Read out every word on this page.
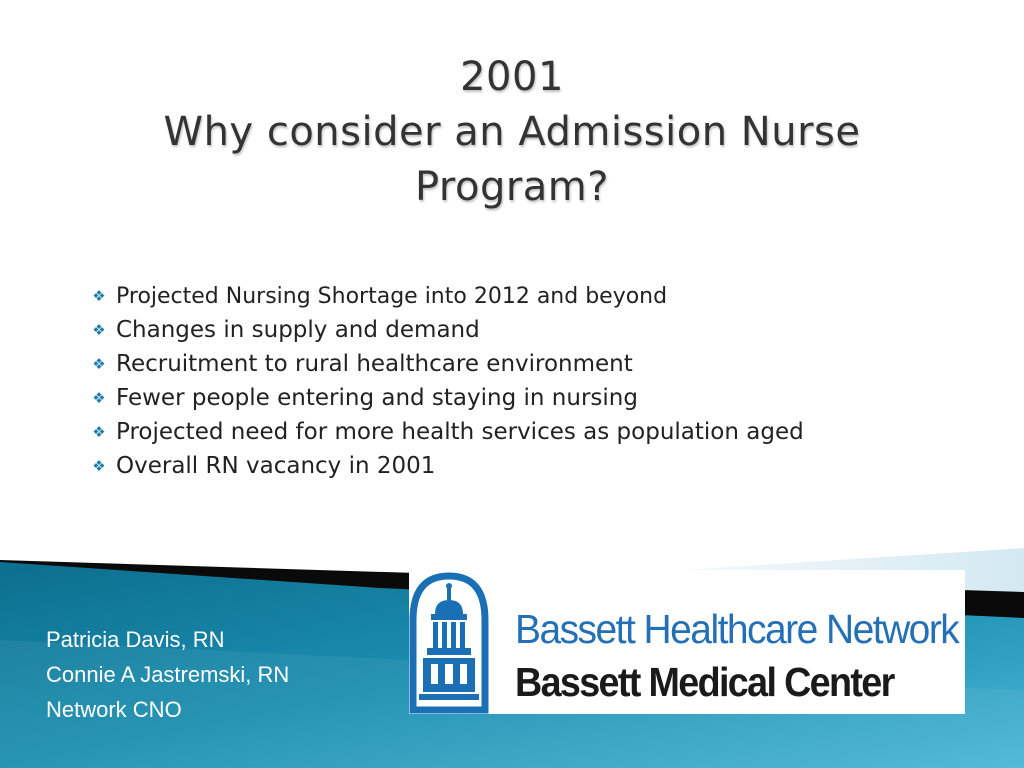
2001
Why consider an Admission Nurse
Program?
❖ Projected Nursing Shortage into 2012 and beyond
❖ Changes in supply and demand
❖ Recruitment to rural healthcare environment
❖ Fewer people entering and staying in nursing
❖ Projected need for more health services as population aged
❖ Overall RN vacancy in 2001
Patricia Davis, RN
Connie A Jastremski, RN
Network CNO
Bassett Healthcare Network
Bassett Medical Center
